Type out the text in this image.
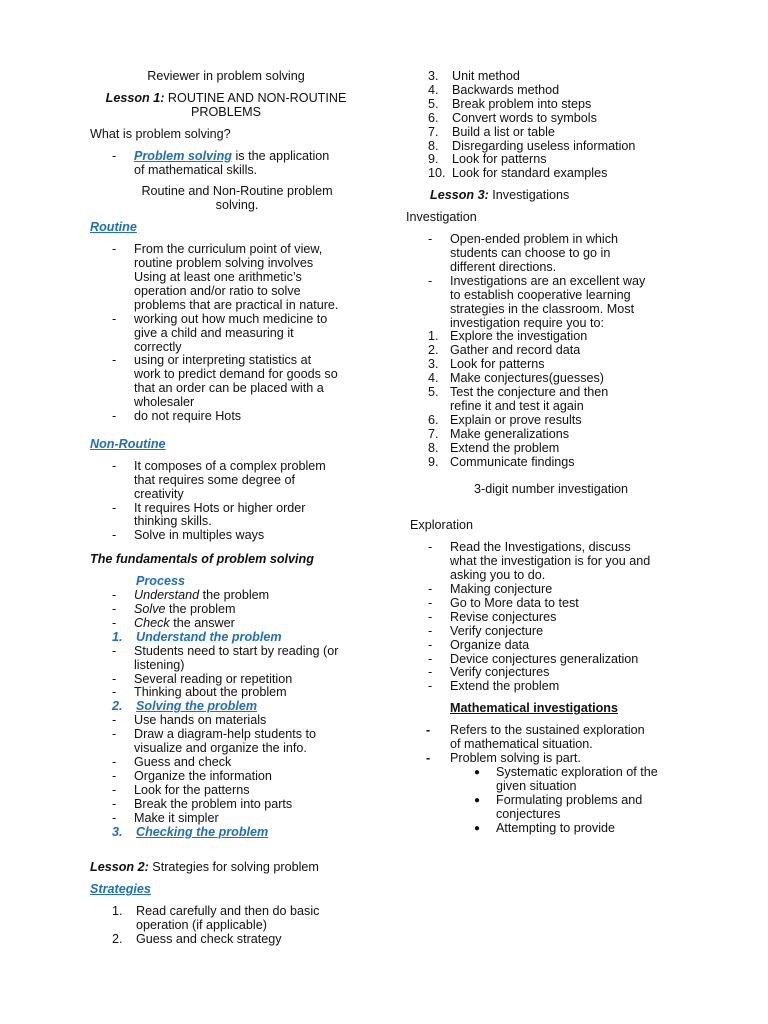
Reviewer in problem solving
Lesson 1: ROUTINE AND NON-ROUTINE
PROBLEMS
What is problem solving?
-	Problem solving is the application
of mathematical skills.
Routine and Non-Routine problem
solving.
Routine
-	From the curriculum point of view,
routine problem solving involves
Using at least one arithmetic’s
operation and/or ratio to solve
problems that are practical in nature.
-	working out how much medicine to
give a child and measuring it
correctly
-	using or interpreting statistics at
work to predict demand for goods so
that an order can be placed with a
wholesaler
-	do not require Hots
Non-Routine
-	It composes of a complex problem
that requires some degree of
creativity
-	It requires Hots or higher order
thinking skills.
-	Solve in multiples ways
The fundamentals of problem solving
Process
-	Understand the problem
-	Solve the problem
-	Check the answer
1.	Understand the problem
-	Students need to start by reading (or
listening)
-	Several reading or repetition
-	Thinking about the problem
2.	Solving the problem
-	Use hands on materials
-	Draw a diagram-help students to
visualize and organize the info.
-	Guess and check
-	Organize the information
-	Look for the patterns
-	Break the problem into parts
-	Make it simpler
3.	Checking the problem
Lesson 2: Strategies for solving problem
Strategies
1.	Read carefully and then do basic
operation (if applicable)
2.	Guess and check strategy
3.	Unit method
4.	Backwards method
5.	Break problem into steps
6.	Convert words to symbols
7.	Build a list or table
8.	Disregarding useless information
9.	Look for patterns
10. Look for standard examples
Lesson 3: Investigations
Investigation
-	Open-ended problem in which
students can choose to go in
different directions.
-	Investigations are an excellent way
to establish cooperative learning
strategies in the classroom. Most
investigation require you to:
1. Explore the investigation
2. Gather and record data
3. Look for patterns
4. Make conjectures(guesses)
5. Test the conjecture and then
refine it and test it again
6. Explain or prove results
7. Make generalizations
8. Extend the problem
9. Communicate findings
3-digit number investigation
Exploration
-	Read the Investigations, discuss
what the investigation is for you and
asking you to do.
-	Making conjecture
-	Go to More data to test
-	Revise conjectures
-	Verify conjecture
-	Organize data
-	Device conjectures generalization
-	Verify conjectures
-	Extend the problem
Mathematical investigations
-	Refers to the sustained exploration
of mathematical situation.
-	Problem solving is part.
●	Systematic exploration of the
given situation
●	Formulating problems and
conjectures
●	Attempting to provide
